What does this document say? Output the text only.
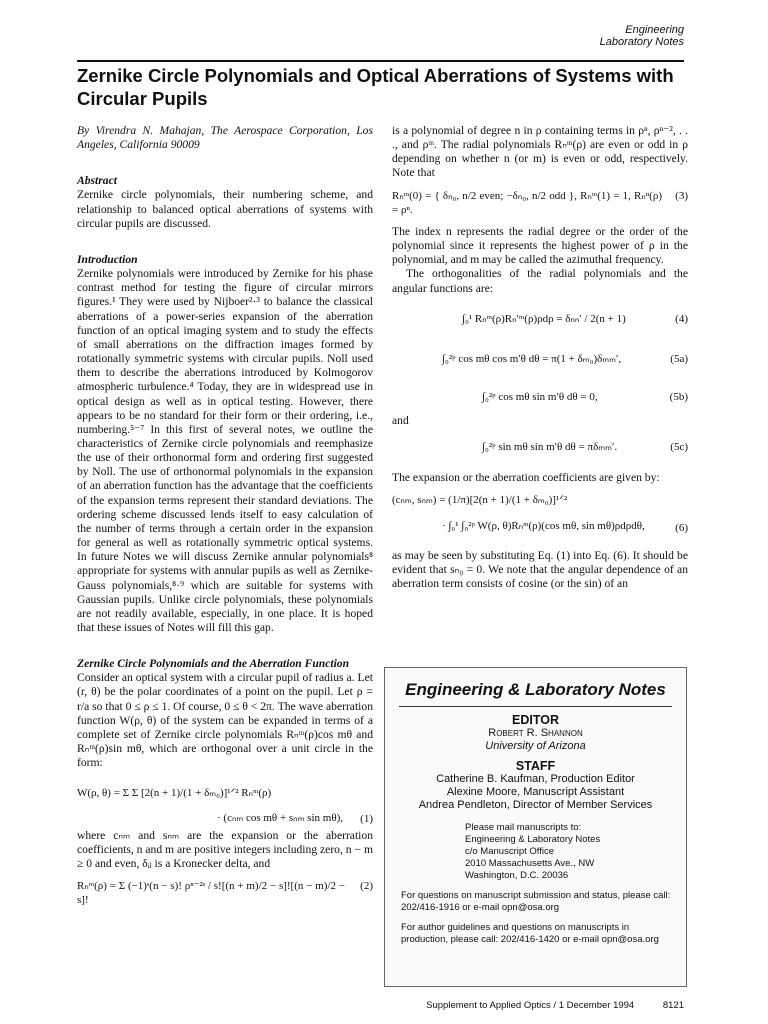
Engineering
Laboratory Notes
Zernike Circle Polynomials and Optical Aberrations of Systems with Circular Pupils

By Virendra N. Mahajan, The Aerospace Corporation, Los Angeles, California 90009

Abstract

Zernike circle polynomials, their numbering scheme, and relationship to balanced optical aberrations of systems with circular pupils are discussed.

Introduction

Zernike polynomials were introduced by Zernike for his phase contrast method for testing the figure of circular mirrors figures.¹ They were used by Nijboer²·³ to balance the classical aberrations of a power-series expansion of the aberration function of an optical imaging system and to study the effects of small aberrations on the diffraction images formed by rotationally symmetric systems with circular pupils. Noll used them to describe the aberrations introduced by Kolmogorov atmospheric turbulence.⁴ Today, they are in widespread use in optical design as well as in optical testing. However, there appears to be no standard for their form or their ordering, i.e., numbering.⁵⁻⁷ In this first of several notes, we outline the characteristics of Zernike circle polynomials and reemphasize the use of their orthonormal form and ordering first suggested by Noll. The use of orthonormal polynomials in the expansion of an aberration function has the advantage that the coefficients of the expansion terms represent their standard deviations. The ordering scheme discussed lends itself to easy calculation of the number of terms through a certain order in the expansion for general as well as rotationally symmetric optical systems. In future Notes we will discuss Zernike annular polynomials⁸ appropriate for systems with annular pupils as well as Zernike-Gauss polynomials,⁸·⁹ which are suitable for systems with Gaussian pupils. Unlike circle polynomials, these polynomials are not readily available, especially, in one place. It is hoped that these issues of Notes will fill this gap.

Zernike Circle Polynomials and the Aberration Function

Consider an optical system with a circular pupil of radius a. Let (r, θ) be the polar coordinates of a point on the pupil. Let ρ = r/a so that 0 ≤ ρ ≤ 1. Of course, 0 ≤ θ < 2π. The wave aberration function W(ρ, θ) of the system can be expanded in terms of a complete set of Zernike circle polynomials Rₙᵐ(ρ)cos mθ and Rₙᵐ(ρ)sin mθ, which are orthogonal over a unit circle in the form:

W(ρ, θ) = Σ Σ [2(n + 1)/(1 + δₘ₀)]¹ᐟ² Rₙᵐ(ρ)
· (cₙₘ cos mθ + sₙₘ sin mθ),	(1)

where cₙₘ and sₙₘ are the expansion or the aberration coefficients, n and m are positive integers including zero, n − m ≥ 0 and even, δᵢⱼ is a Kronecker delta, and

Rₙᵐ(ρ) = Σ (−1)ˢ(n − s)! ρⁿ⁻²ˢ / s![(n + m)/2 − s]![(n − m)/2 − s]!
(2)

is a polynomial of degree n in ρ containing terms in ρⁿ, ρⁿ⁻², . . ., and ρᵐ. The radial polynomials Rₙᵐ(ρ) are even or odd in ρ depending on whether n (or m) is even or odd, respectively. Note that

Rₙᵐ(0) = { δₙ₀, n/2 even; −δₙ₀, n/2 odd }, Rₙᵐ(1) = 1, Rₙⁿ(ρ) = ρⁿ.
(3)

The index n represents the radial degree or the order of the polynomial since it represents the highest power of ρ in the polynomial, and m may be called the azimuthal frequency.

The orthogonalities of the radial polynomials and the angular functions are:

∫₀¹ Rₙᵐ(ρ)Rₙ′ᵐ(ρ)ρdρ = δₙₙ′ / 2(n + 1)	(4)
∫₀²ᵖ cos mθ cos m′θ dθ = π(1 + δₘ₀)δₘₘ′,	(5a)
∫₀²ᵖ cos mθ sin m′θ dθ = 0,	(5b)

and

∫₀²ᵖ sin mθ sin m′θ dθ = πδₘₘ′.	(5c)

The expansion or the aberration coefficients are given by:

(cₙₘ, sₙₘ) = (1/π)[2(n + 1)/(1 + δₘ₀)]¹ᐟ²
· ∫₀¹ ∫₀²ᵖ W(ρ, θ)Rₙᵐ(ρ)(cos mθ, sin mθ)ρdρdθ,	(6)

as may be seen by substituting Eq. (1) into Eq. (6). It should be evident that sₙ₀ = 0. We note that the angular dependence of an aberration term consists of cosine (or the sin) of an

Engineering & Laboratory Notes
EDITOR
Robert R. Shannon
University of Arizona
STAFF
Catherine B. Kaufman, Production Editor
Alexine Moore, Manuscript Assistant
Andrea Pendleton, Director of Member Services
Please mail manuscripts to:
Engineering & Laboratory Notes
c/o Manuscript Office
2010 Massachusetts Ave., NW
Washington, D.C. 20036
For questions on manuscript submission and status, please call: 202/416-1916 or e-mail opn@osa.org
For author guidelines and questions on manuscripts in production, please call: 202/416-1420 or e-mail opn@osa.org
Supplement to Applied Optics / 1 December 1994	8121
